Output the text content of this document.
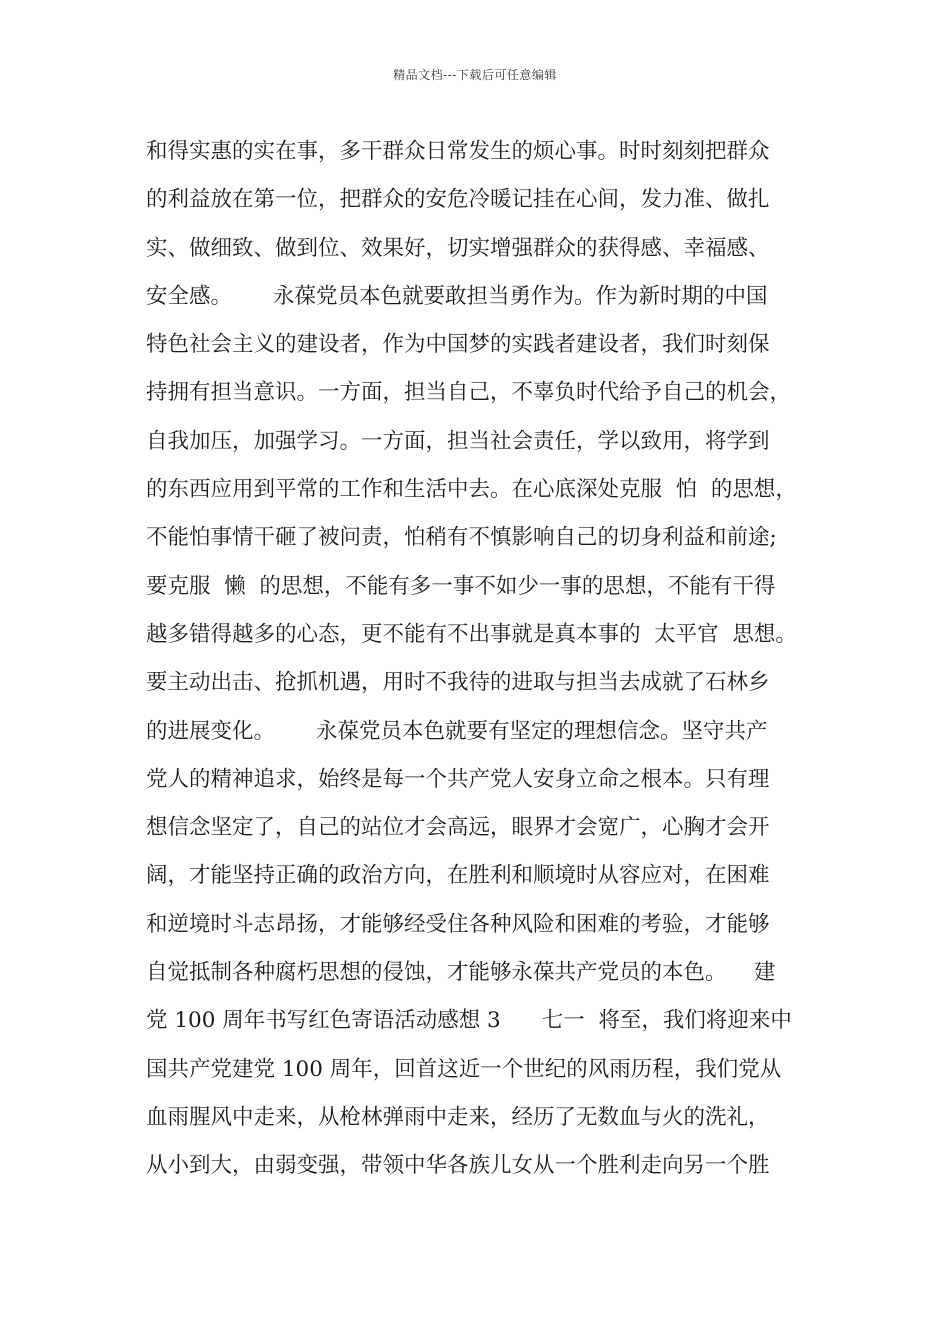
精品文档---下载后可任意编辑
和得实惠的实在事，多干群众日常发生的烦心事。时时刻刻把群众
的利益放在第一位，把群众的安危冷暖记挂在心间，发力准、做扎
实、做细致、做到位、效果好，切实增强群众的获得感、幸福感、
安全感。      永葆党员本色就要敢担当勇作为。作为新时期的中国
特色社会主义的建设者，作为中国梦的实践者建设者，我们时刻保
持拥有担当意识。一方面，担当自己，不辜负时代给予自己的机会，
自我加压，加强学习。一方面，担当社会责任，学以致用，将学到
的东西应用到平常的工作和生活中去。在心底深处克服  怕  的思想，
不能怕事情干砸了被问责，怕稍有不慎影响自己的切身利益和前途;
要克服  懒  的思想，不能有多一事不如少一事的思想，不能有干得
越多错得越多的心态，更不能有不出事就是真本事的  太平官  思想。
要主动出击、抢抓机遇，用时不我待的进取与担当去成就了石林乡
的进展变化。      永葆党员本色就要有坚定的理想信念。坚守共产
党人的精神追求，始终是每一个共产党人安身立命之根本。只有理
想信念坚定了，自己的站位才会高远，眼界才会宽广，心胸才会开
阔，才能坚持正确的政治方向，在胜利和顺境时从容应对，在困难
和逆境时斗志昂扬，才能够经受住各种风险和困难的考验，才能够
自觉抵制各种腐朽思想的侵蚀，才能够永葆共产党员的本色。    建
党 100 周年书写红色寄语活动感想 3      七一  将至，我们将迎来中
国共产党建党 100 周年，回首这近一个世纪的风雨历程，我们党从
血雨腥风中走来，从枪林弹雨中走来，经历了无数血与火的洗礼，
从小到大，由弱变强，带领中华各族儿女从一个胜利走向另一个胜
